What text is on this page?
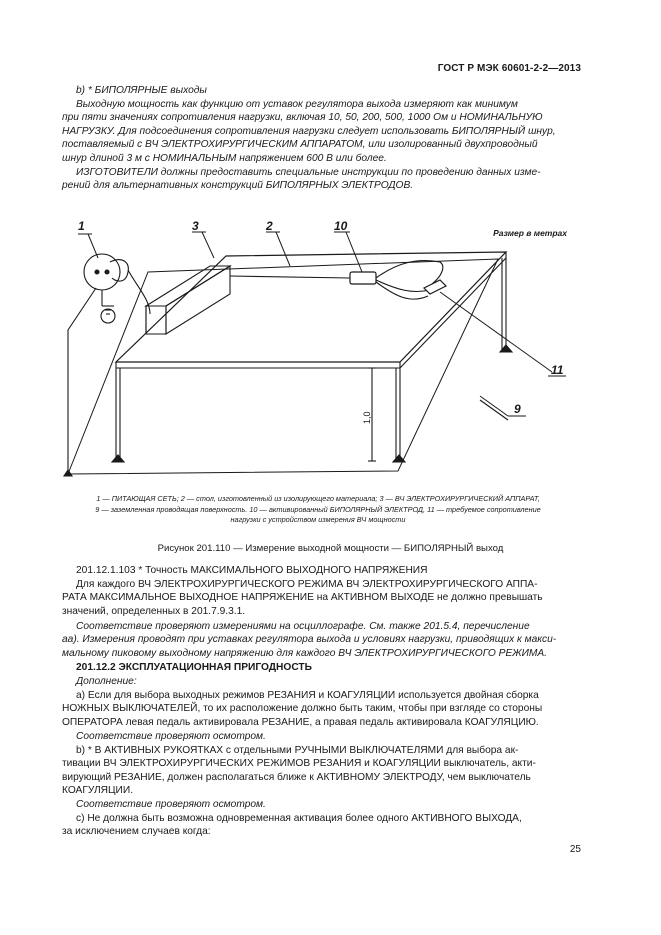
ГОСТ Р МЭК 60601-2-2—2013
b) * БИПОЛЯРНЫЕ выходы
Выходную мощность как функцию от уставок регулятора выхода измеряют как минимум
при пяти значениях сопротивления нагрузки, включая 10, 50, 200, 500, 1000 Ом и НОМИНАЛЬНУЮ
НАГРУЗКУ. Для подсоединения сопротивления нагрузки следует использовать БИПОЛЯРНЫЙ шнур,
поставляемый с ВЧ ЭЛЕКТРОХИРУРГИЧЕСКИМ АППАРАТОМ, или изолированный двухпроводный
шнур длиной 3 м с НОМИНАЛЬНЫМ напряжением 600 В или более.
ИЗГОТОВИТЕЛИ должны предоставить специальные инструкции по проведению данных изме-
рений для альтернативных конструкций БИПОЛЯРНЫХ ЭЛЕКТРОДОВ.
Размер в метрах
1	3	2	10
11
9
1,0
1 — ПИТАЮЩАЯ СЕТЬ; 2 — стол, изготовленный из изолирующего материала; 3 — ВЧ ЭЛЕКТРОХИРУРГИЧЕСКИЙ АППАРАТ,
9 — заземленная проводящая поверхность. 10 — активированный БИПОЛЯРНЫЙ ЭЛЕКТРОД, 11 — требуемое сопротивление
нагрузки с устройством измерения ВЧ мощности
Рисунок 201.110 — Измерение выходной мощности — БИПОЛЯРНЫЙ выход
201.12.1.103 * Точность МАКСИМАЛЬНОГО ВЫХОДНОГО НАПРЯЖЕНИЯ
Для каждого ВЧ ЭЛЕКТРОХИРУРГИЧЕСКОГО РЕЖИМА ВЧ ЭЛЕКТРОХИРУРГИЧЕСКОГО АППА-
РАТА МАКСИМАЛЬНОЕ ВЫХОДНОЕ НАПРЯЖЕНИЕ на АКТИВНОМ ВЫХОДЕ не должно превышать
значений, определенных в 201.7.9.3.1.
Соответствие проверяют измерениями на осциллографе. См. также 201.5.4, перечисление
аа). Измерения проводят при уставках регулятора выхода и условиях нагрузки, приводящих к макси-
мальному пиковому выходному напряжению для каждого ВЧ ЭЛЕКТРОХИРУРГИЧЕСКОГО РЕЖИМА.
201.12.2 ЭКСПЛУАТАЦИОННАЯ ПРИГОДНОСТЬ
Дополнение:
а) Если для выбора выходных режимов РЕЗАНИЯ и КОАГУЛЯЦИИ используется двойная сборка
НОЖНЫХ ВЫКЛЮЧАТЕЛЕЙ, то их расположение должно быть таким, чтобы при взгляде со стороны
ОПЕРАТОРА левая педаль активировала РЕЗАНИЕ, а правая педаль активировала КОАГУЛЯЦИЮ.
Соответствие проверяют осмотром.
b) * В АКТИВНЫХ РУКОЯТКАХ с отдельными РУЧНЫМИ ВЫКЛЮЧАТЕЛЯМИ для выбора ак-
тивации ВЧ ЭЛЕКТРОХИРУРГИЧЕСКИХ РЕЖИМОВ РЕЗАНИЯ и КОАГУЛЯЦИИ выключатель, акти-
вирующий РЕЗАНИЕ, должен располагаться ближе к АКТИВНОМУ ЭЛЕКТРОДУ, чем выключатель
КОАГУЛЯЦИИ.
Соответствие проверяют осмотром.
с) Не должна быть возможна одновременная активация более одного АКТИВНОГО ВЫХОДА,
за исключением случаев когда:
25
